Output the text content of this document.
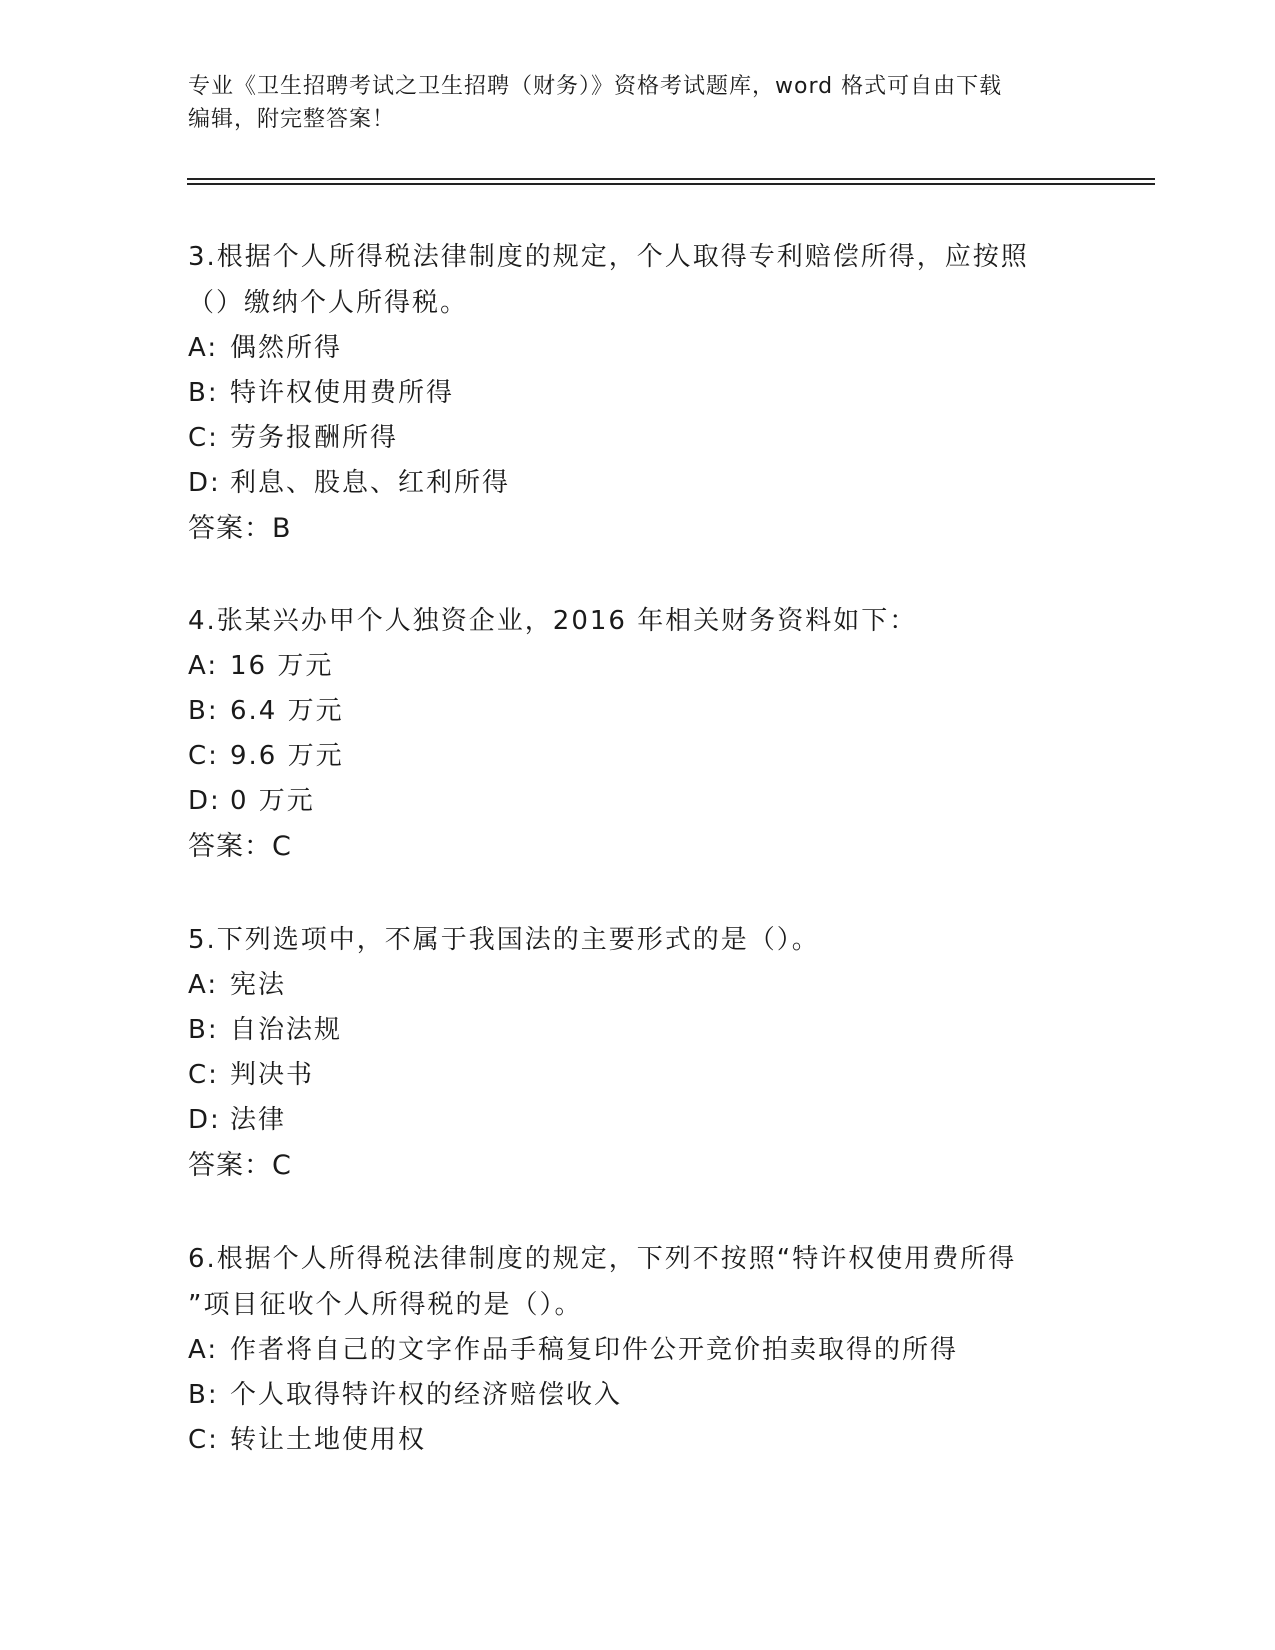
专业《卫生招聘考试之卫生招聘（财务）》资格考试题库，word 格式可自由下载
编辑，附完整答案！

3.根据个人所得税法律制度的规定，个人取得专利赔偿所得，应按照

（）缴纳个人所得税。

A: 偶然所得

B: 特许权使用费所得

C: 劳务报酬所得

D: 利息、股息、红利所得

答案：B

4.张某兴办甲个人独资企业，2016 年相关财务资料如下：

A: 16 万元

B: 6.4 万元

C: 9.6 万元

D: 0 万元

答案：C

5.下列选项中，不属于我国法的主要形式的是（）。

A: 宪法

B: 自治法规

C: 判决书

D: 法律

答案：C

6.根据个人所得税法律制度的规定，下列不按照“特许权使用费所得

”项目征收个人所得税的是（）。

A: 作者将自己的文字作品手稿复印件公开竞价拍卖取得的所得

B: 个人取得特许权的经济赔偿收入

C: 转让土地使用权
